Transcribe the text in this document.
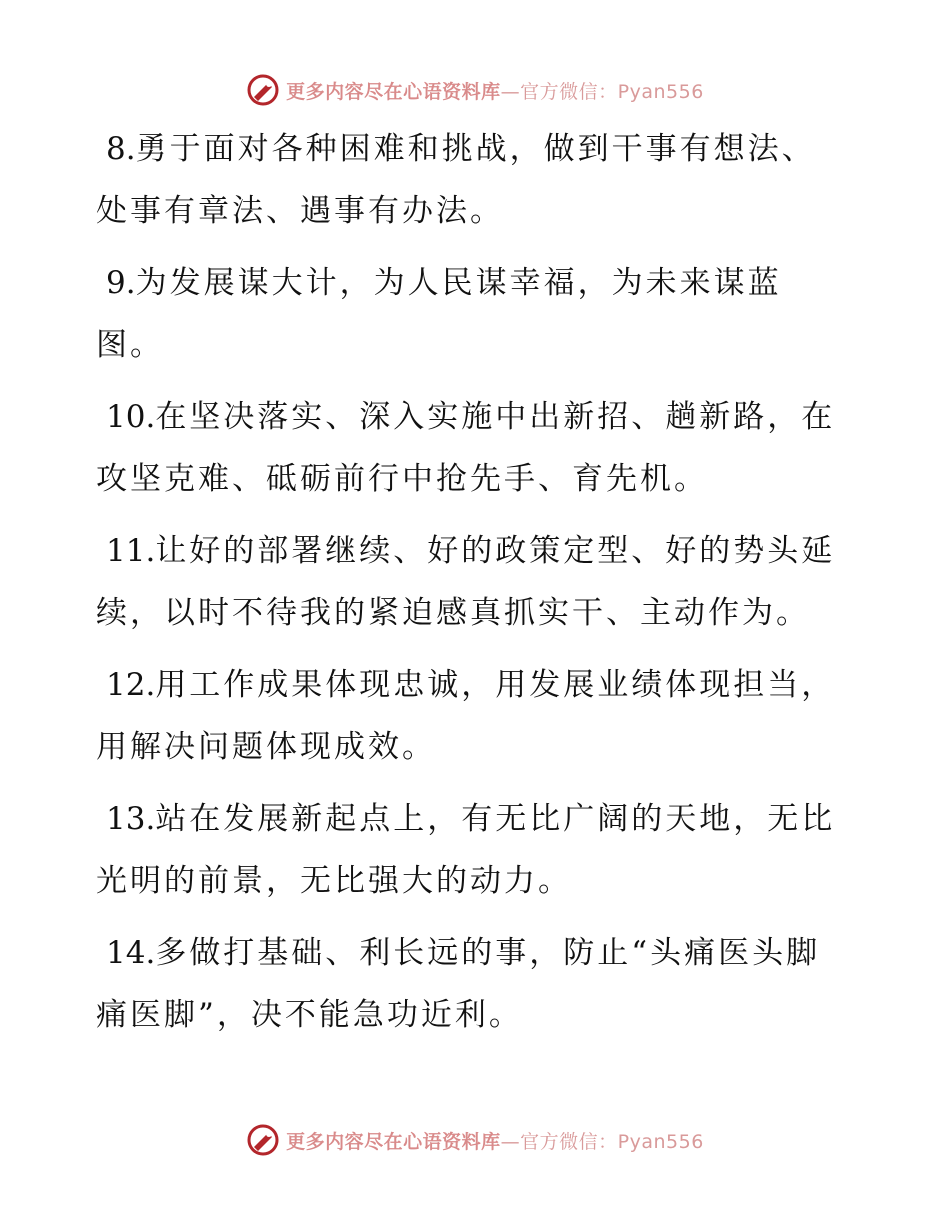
更多内容尽在心语资料库—官方微信：Pyan556

8.勇于面对各种困难和挑战，做到干事有想法、
处事有章法、遇事有办法。

9.为发展谋大计，为人民谋幸福，为未来谋蓝
图。

10.在坚决落实、深入实施中出新招、趟新路，在
攻坚克难、砥砺前行中抢先手、育先机。

11.让好的部署继续、好的政策定型、好的势头延
续，以时不待我的紧迫感真抓实干、主动作为。

12.用工作成果体现忠诚，用发展业绩体现担当，
用解决问题体现成效。

13.站在发展新起点上，有无比广阔的天地，无比
光明的前景，无比强大的动力。

14.多做打基础、利长远的事，防止“头痛医头脚
痛医脚”，决不能急功近利。

更多内容尽在心语资料库—官方微信：Pyan556
